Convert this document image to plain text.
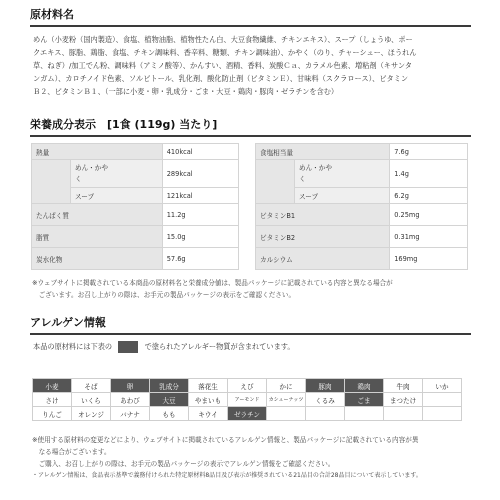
原材料名
めん（小麦粉（国内製造）、食塩、植物油脂、植物性たん白、大豆食物繊維、チキンエキス）、スープ（しょうゆ、ポー
クエキス、豚脂、鶏脂、食塩、チキン調味料、香辛料、糖類、チキン調味油）、かやく（のり、チャーシュー、ほうれん
草、ねぎ）/加工でん粉、調味料（アミノ酸等）、かんすい、酒精、香料、炭酸Ｃａ、カラメル色素、増粘剤（キサンタ
ンガム）、カロチノイド色素、ソルビトール、乳化剤、酸化防止剤（ビタミンＥ）、甘味料（スクラロース）、ビタミン
Ｂ２、ビタミンＢ１、（一部に小麦・卵・乳成分・ごま・大豆・鶏肉・豚肉・ゼラチンを含む）
栄養成分表示　[1食 (119g) 当たり]
熱量		410kcal
	めん・かや
く	289kcal
	スープ	121kcal
たんぱく質		11.2g
脂質		15.0g
炭水化物		57.6g
食塩相当量		7.6g
	めん・かや
く	1.4g
	スープ	6.2g
ビタミンB1		0.25mg
ビタミンB2		0.31mg
カルシウム		169mg
※ウェブサイトに掲載されている本商品の原材料名と栄養成分値は、製品パッケージに記載されている内容と異なる場合が
　ございます。お召し上がりの際は、お手元の製品パッケージの表示をご確認ください。
アレルゲン情報
本品の原材料には下表の	で塗られたアレルギー物質が含まれています。
小麦	そば	卵	乳成分	落花生	えび	かに	豚肉	鶏肉	牛肉	いか
さけ	いくら	あわび	大豆	やまいも	アーモンド	カシューナッツ	くるみ	ごま	まつたけ	
りんご	オレンジ	バナナ	もも	キウイ	ゼラチン					
※使用する原材料の変更などにより、ウェブサイトに掲載されているアレルゲン情報と、製品パッケージに記載されている内容が異
　なる場合がございます。
　ご購入、お召し上がりの際は、お手元の製品パッケージの表示でアレルゲン情報をご確認ください。
・アレルゲン情報は、食品表示基準で義務付けられた特定原材料8品目及び表示が推奨されている21品目の合計28品目について表示しています。
